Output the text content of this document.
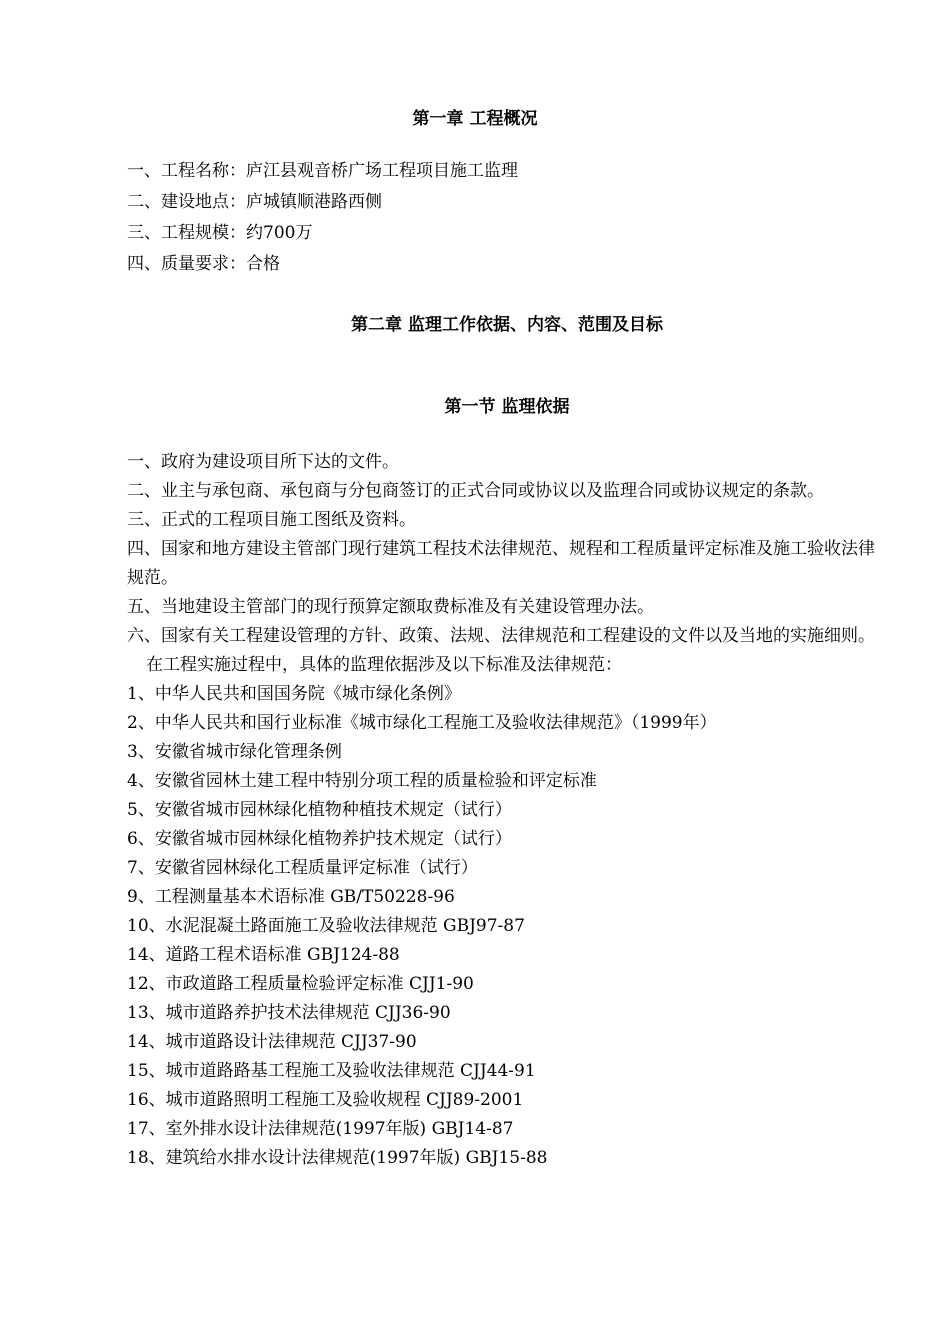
第一章 工程概况
一、工程名称：庐江县观音桥广场工程项目施工监理
二、建设地点：庐城镇顺港路西侧
三、工程规模：约700万
四、质量要求：合格
第二章 监理工作依据、内容、范围及目标
第一节 监理依据
一、政府为建设项目所下达的文件。
二、业主与承包商、承包商与分包商签订的正式合同或协议以及监理合同或协议规定的条款。
三、正式的工程项目施工图纸及资料。
四、国家和地方建设主管部门现行建筑工程技术法律规范、规程和工程质量评定标准及施工验收法律规范。
五、当地建设主管部门的现行预算定额取费标准及有关建设管理办法。
六、国家有关工程建设管理的方针、政策、法规、法律规范和工程建设的文件以及当地的实施细则。
在工程实施过程中，具体的监理依据涉及以下标准及法律规范：
1、中华人民共和国国务院《城市绿化条例》
2、中华人民共和国行业标准《城市绿化工程施工及验收法律规范》（1999年）
3、安徽省城市绿化管理条例
4、安徽省园林土建工程中特别分项工程的质量检验和评定标准
5、安徽省城市园林绿化植物种植技术规定（试行）
6、安徽省城市园林绿化植物养护技术规定（试行）
7、安徽省园林绿化工程质量评定标准（试行）
9、工程测量基本术语标准 GB/T50228-96
10、水泥混凝土路面施工及验收法律规范 GBJ97-87
14、道路工程术语标准 GBJ124-88
12、市政道路工程质量检验评定标准 CJJ1-90
13、城市道路养护技术法律规范 CJJ36-90
14、城市道路设计法律规范 CJJ37-90
15、城市道路路基工程施工及验收法律规范 CJJ44-91
16、城市道路照明工程施工及验收规程 CJJ89-2001
17、室外排水设计法律规范(1997年版) GBJ14-87
18、建筑给水排水设计法律规范(1997年版) GBJ15-88
